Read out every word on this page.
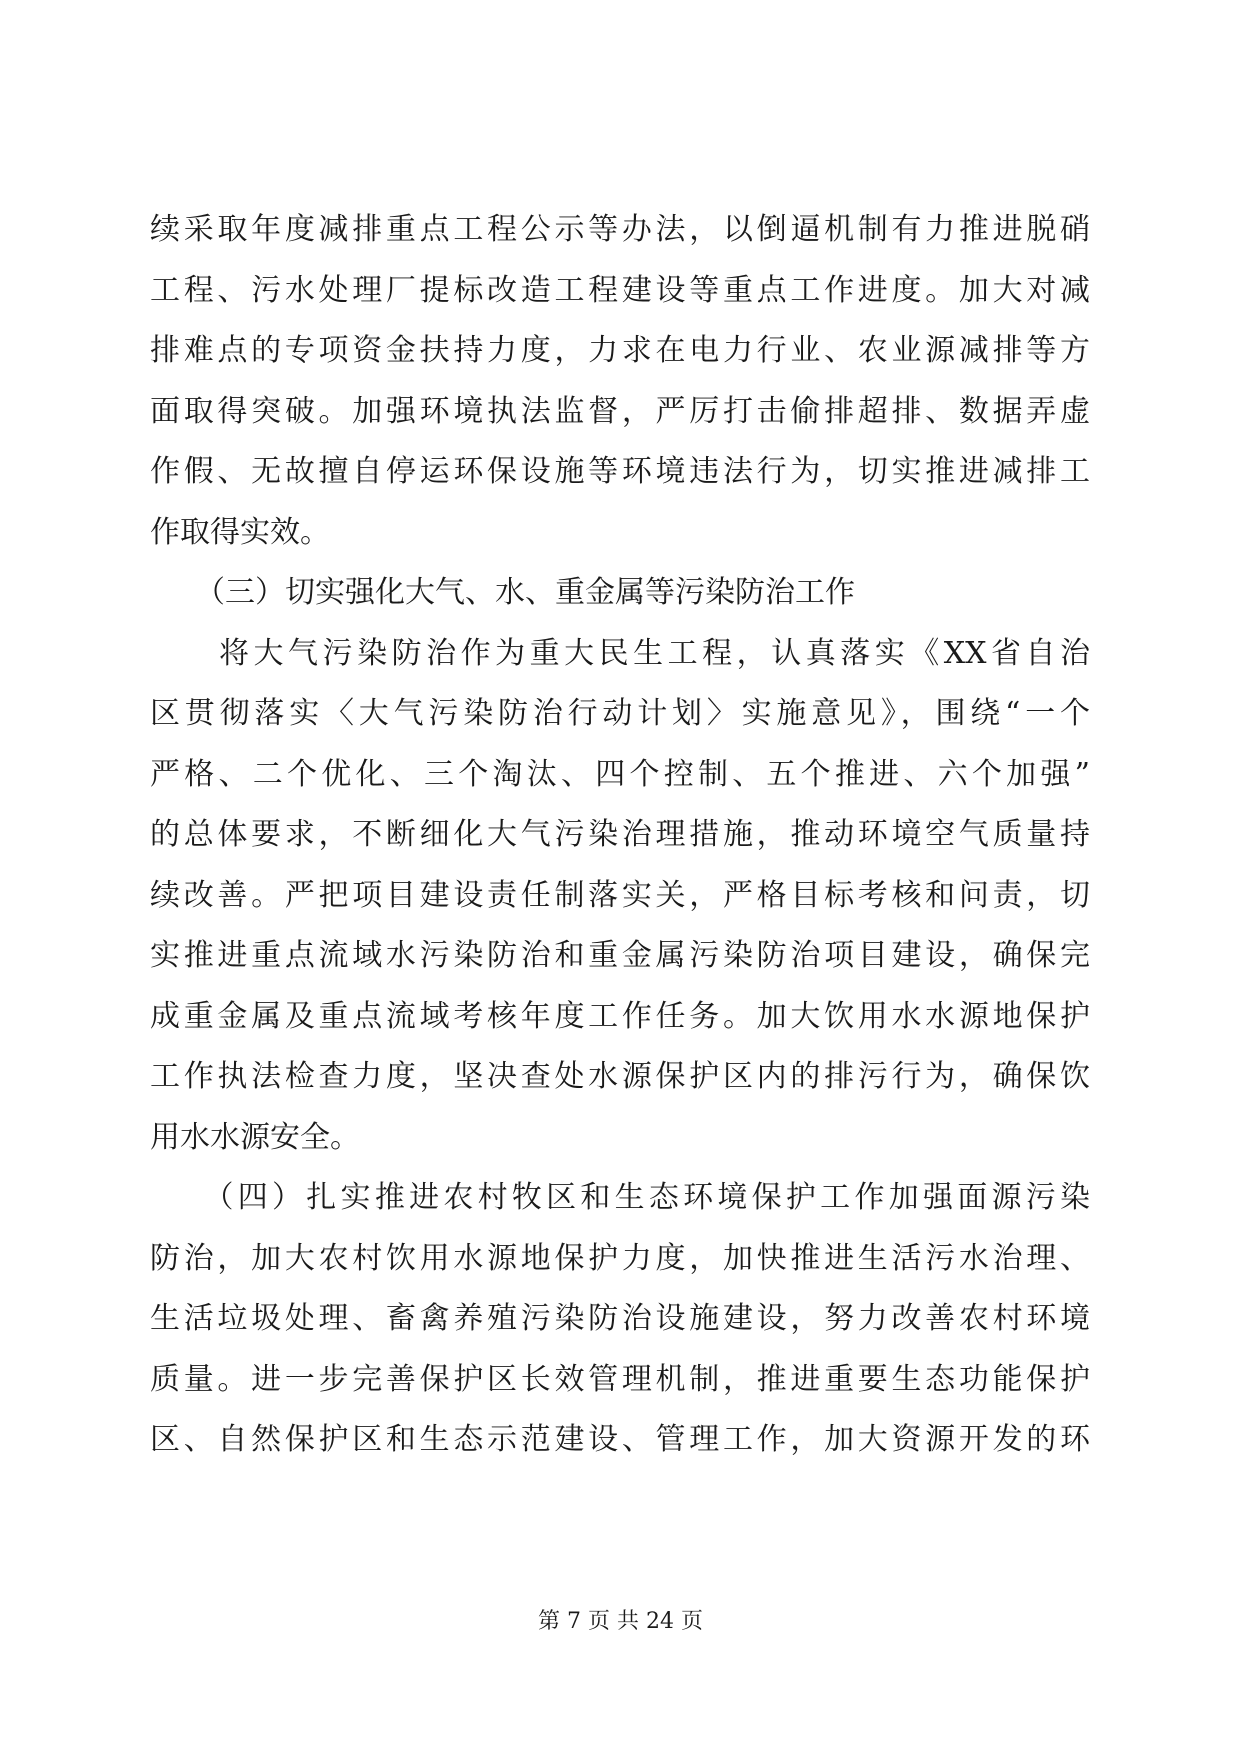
续采取年度减排重点工程公示等办法，以倒逼机制有力推进脱硝
工程、污水处理厂提标改造工程建设等重点工作进度。加大对减
排难点的专项资金扶持力度，力求在电力行业、农业源减排等方
面取得突破。加强环境执法监督，严厉打击偷排超排、数据弄虚
作假、无故擅自停运环保设施等环境违法行为，切实推进减排工
作取得实效。
　　（三）切实强化大气、水、重金属等污染防治工作
　　将大气污染防治作为重大民生工程，认真落实《XX省自治
区贯彻落实〈大气污染防治行动计划〉实施意见》，围绕“一个
严格、二个优化、三个淘汰、四个控制、五个推进、六个加强”
的总体要求，不断细化大气污染治理措施，推动环境空气质量持
续改善。严把项目建设责任制落实关，严格目标考核和问责，切
实推进重点流域水污染防治和重金属污染防治项目建设，确保完
成重金属及重点流域考核年度工作任务。加大饮用水水源地保护
工作执法检查力度，坚决查处水源保护区内的排污行为，确保饮
用水水源安全。
　　（四）扎实推进农村牧区和生态环境保护工作加强面源污染
防治，加大农村饮用水源地保护力度，加快推进生活污水治理、
生活垃圾处理、畜禽养殖污染防治设施建设，努力改善农村环境
质量。进一步完善保护区长效管理机制，推进重要生态功能保护
区、自然保护区和生态示范建设、管理工作，加大资源开发的环
第 7 页 共 24 页
